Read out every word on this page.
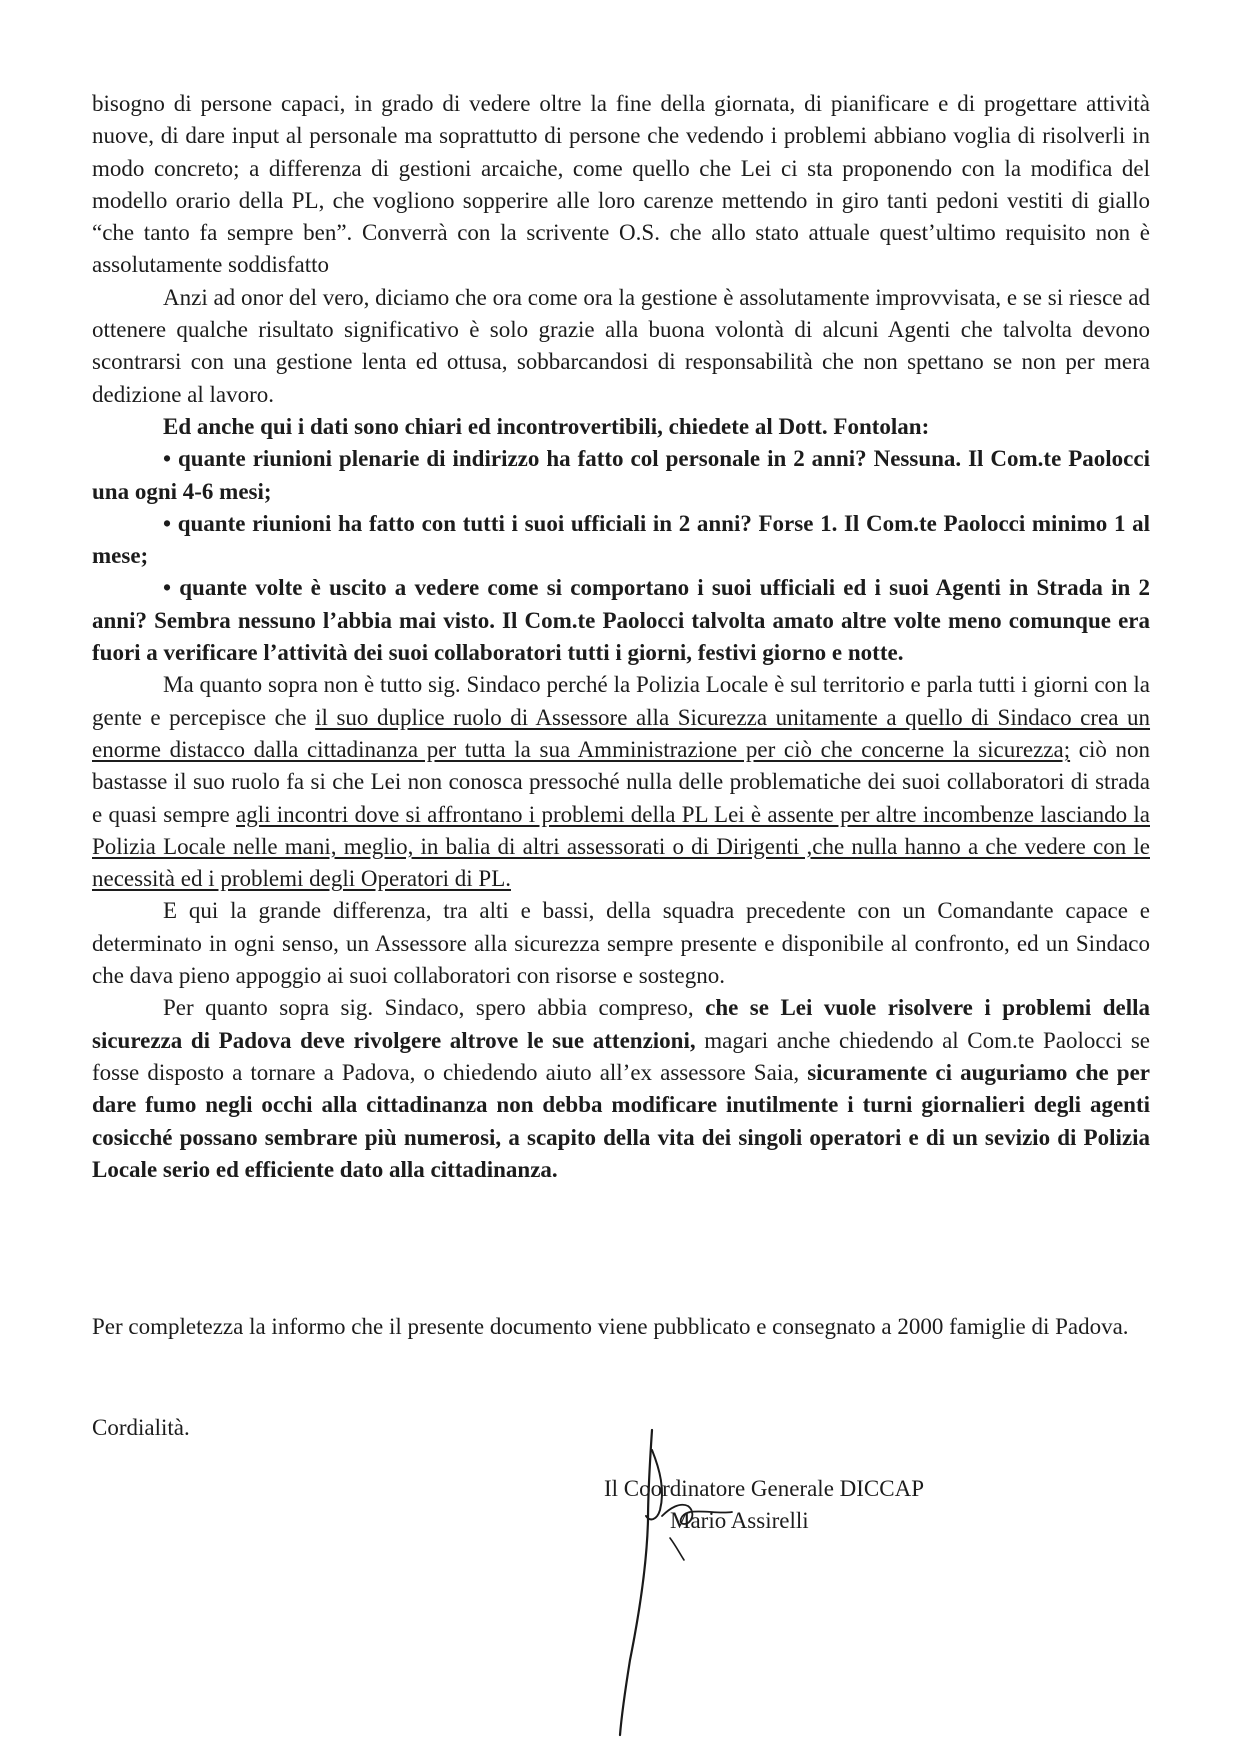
bisogno di persone capaci, in grado di vedere oltre la fine della giornata, di pianificare e di progettare attività nuove, di dare input al personale ma soprattutto di persone che vedendo i problemi abbiano voglia di risolverli in modo concreto; a differenza di gestioni arcaiche, come quello che Lei ci sta proponendo con la modifica del modello orario della PL, che vogliono sopperire alle loro carenze mettendo in giro tanti pedoni vestiti di giallo “che tanto fa sempre ben”. Converrà con la scrivente O.S. che allo stato attuale quest’ultimo requisito non è assolutamente soddisfatto

Anzi ad onor del vero, diciamo che ora come ora la gestione è assolutamente improvvisata, e se si riesce ad ottenere qualche risultato significativo è solo grazie alla buona volontà di alcuni Agenti che talvolta devono scontrarsi con una gestione lenta ed ottusa, sobbarcandosi di responsabilità che non spettano se non per mera dedizione al lavoro.

Ed anche qui i dati sono chiari ed incontrovertibili, chiedete al Dott. Fontolan:

• quante riunioni plenarie di indirizzo ha fatto col personale in 2 anni? Nessuna. Il Com.te Paolocci una ogni 4-6 mesi;

• quante riunioni ha fatto con tutti i suoi ufficiali in 2 anni? Forse 1. Il Com.te Paolocci minimo 1 al mese;

• quante volte è uscito a vedere come si comportano i suoi ufficiali ed i suoi Agenti in Strada in 2 anni? Sembra nessuno l’abbia mai visto. Il Com.te Paolocci talvolta amato altre volte meno comunque era fuori a verificare l’attività dei suoi collaboratori tutti i giorni, festivi giorno e notte.

Ma quanto sopra non è tutto sig. Sindaco perché la Polizia Locale è sul territorio e parla tutti i giorni con la gente e percepisce che il suo duplice ruolo di Assessore alla Sicurezza unitamente a quello di Sindaco crea un enorme distacco dalla cittadinanza per tutta la sua Amministrazione per ciò che concerne la sicurezza; ciò non bastasse il suo ruolo fa si che Lei non conosca pressoché nulla delle problematiche dei suoi collaboratori di strada e quasi sempre agli incontri dove si affrontano i problemi della PL Lei è assente per altre incombenze lasciando la Polizia Locale nelle mani, meglio, in balia di altri assessorati o di Dirigenti ,che nulla hanno a che vedere con le necessità ed i problemi degli Operatori di PL.

E qui la grande differenza, tra alti e bassi, della squadra precedente con un Comandante capace e determinato in ogni senso, un Assessore alla sicurezza sempre presente e disponibile al confronto, ed un Sindaco che dava pieno appoggio ai suoi collaboratori con risorse e sostegno.

Per quanto sopra sig. Sindaco, spero abbia compreso, che se Lei vuole risolvere i problemi della sicurezza di Padova deve rivolgere altrove le sue attenzioni, magari anche chiedendo al Com.te Paolocci se fosse disposto a tornare a Padova, o chiedendo aiuto all’ex assessore Saia, sicuramente ci auguriamo che per dare fumo negli occhi alla cittadinanza non debba modificare inutilmente i turni giornalieri degli agenti cosicché possano sembrare più numerosi, a scapito della vita dei singoli operatori e di un sevizio di Polizia Locale serio ed efficiente dato alla cittadinanza.

Per completezza la informo che il presente documento viene pubblicato e consegnato a 2000 famiglie di Padova.

Cordialità.

Il Coordinatore Generale DICCAP

Mario Assirelli
